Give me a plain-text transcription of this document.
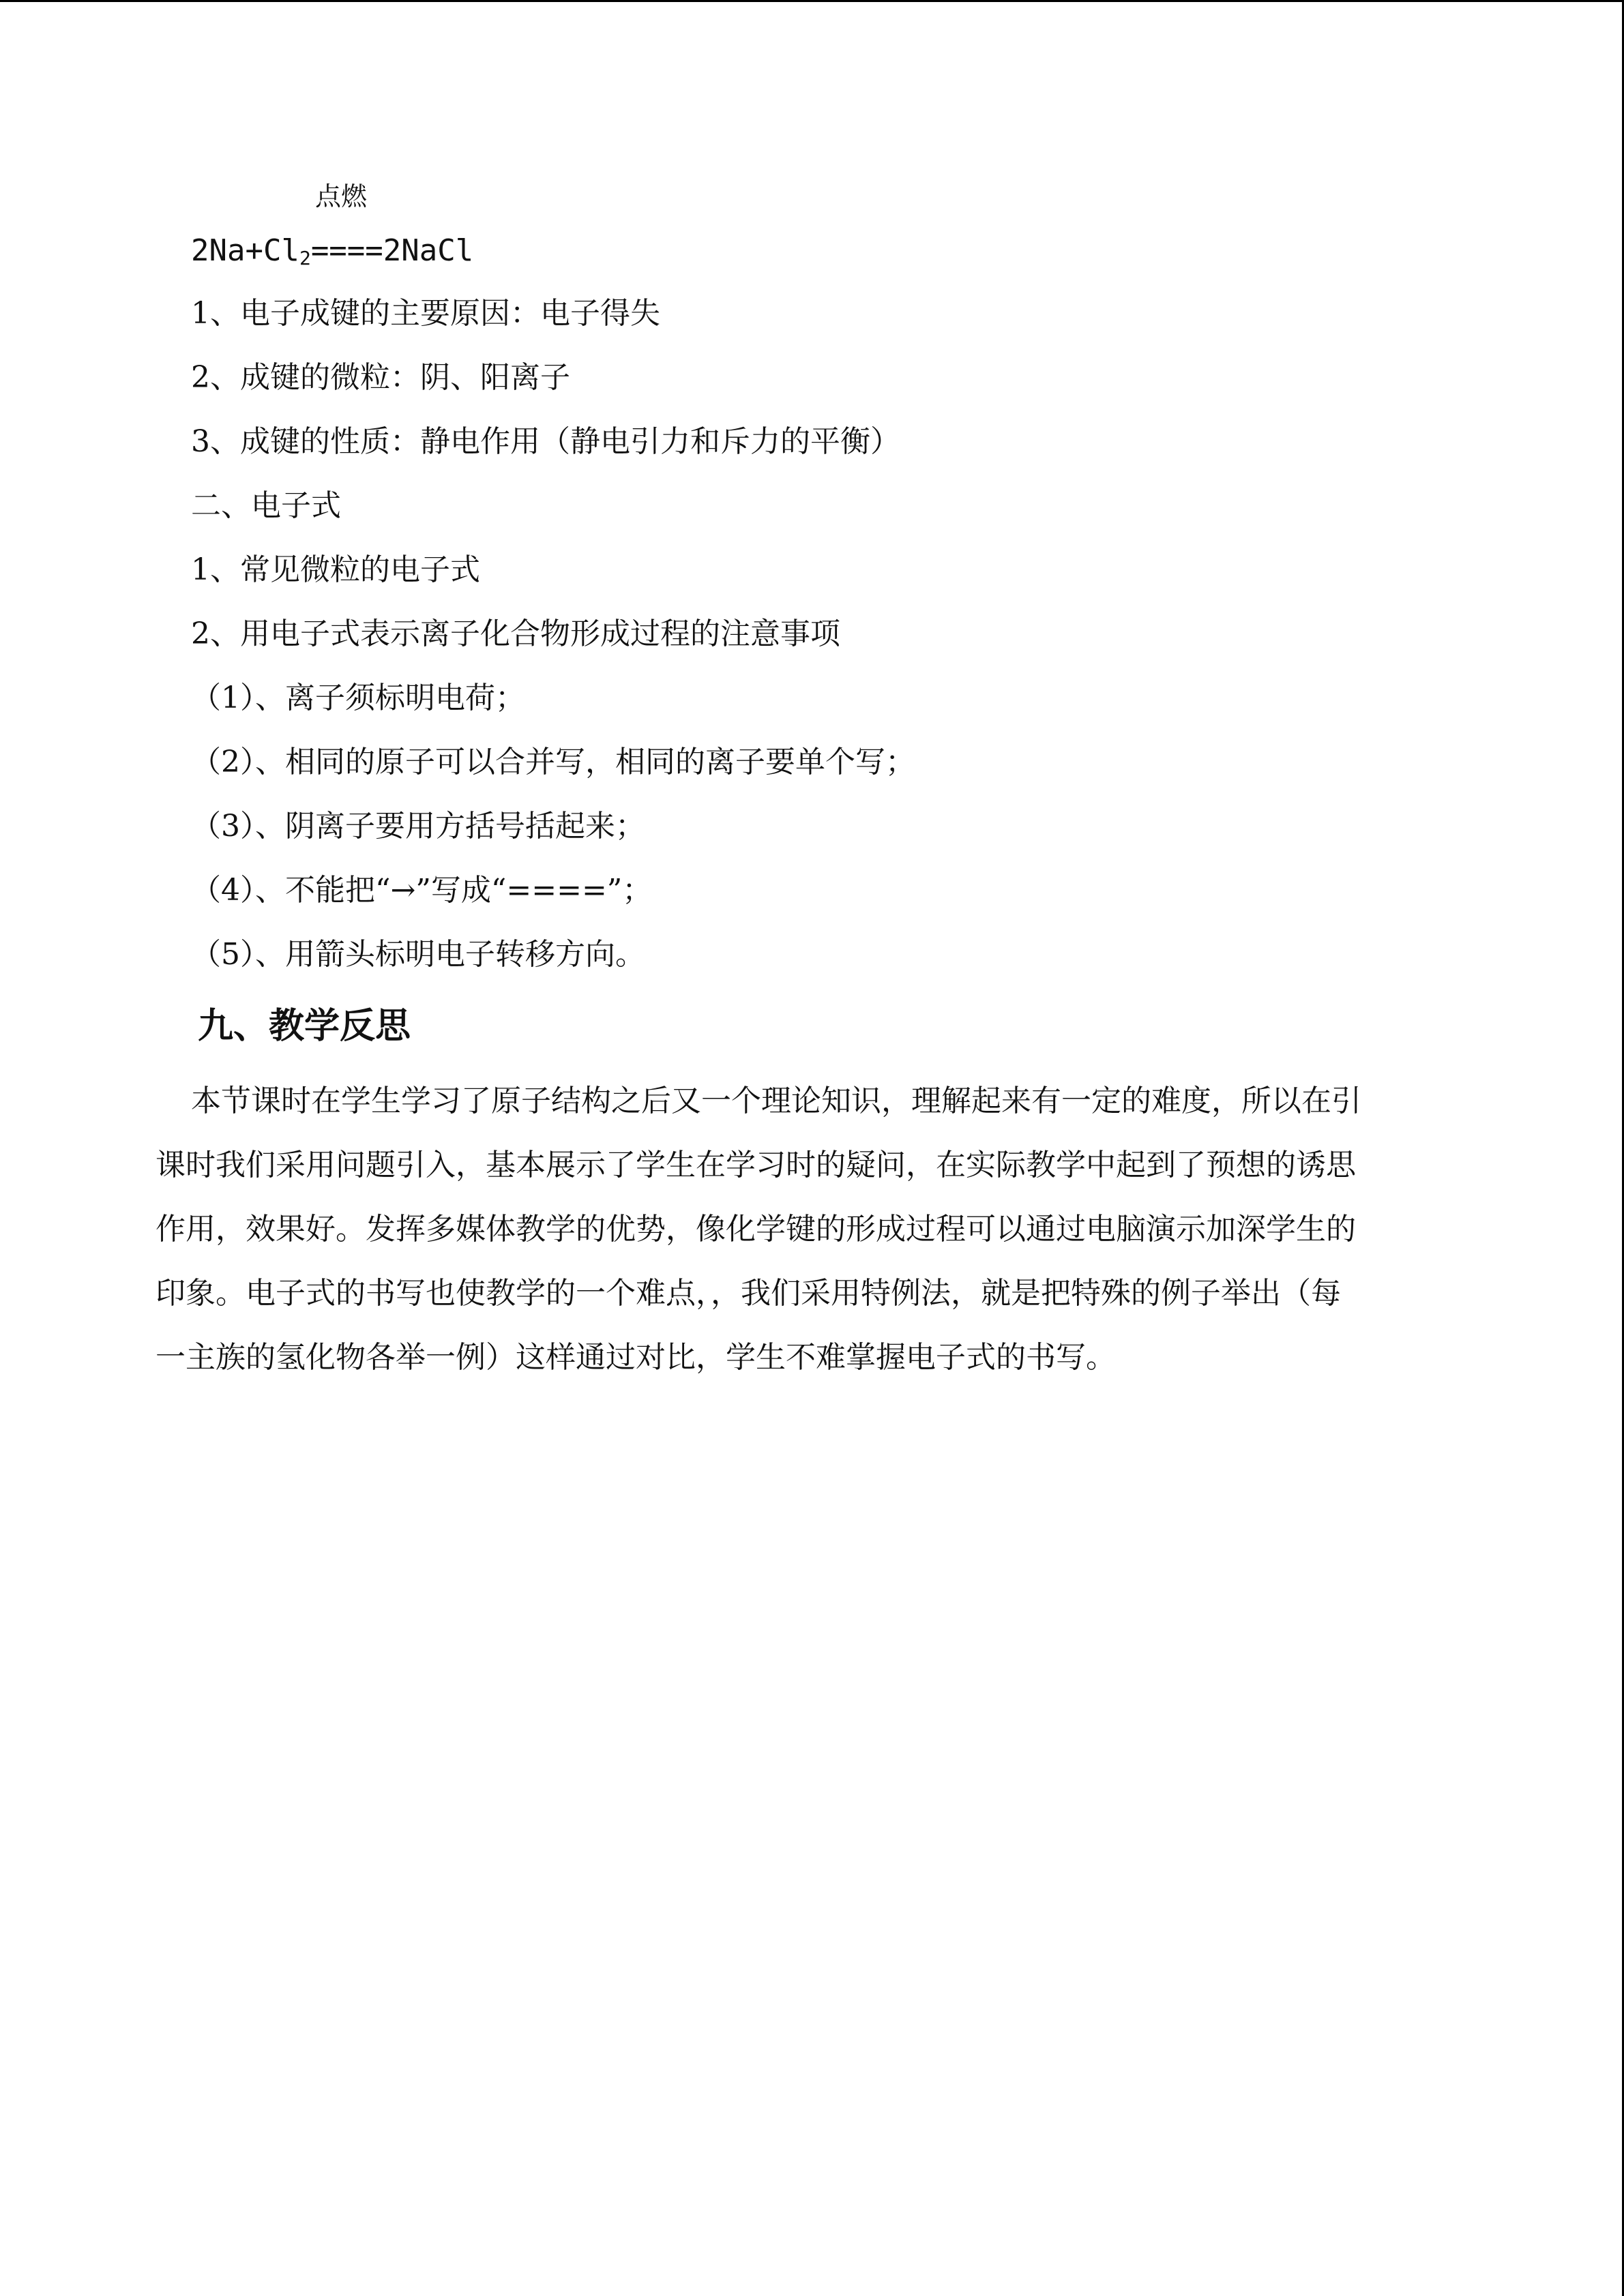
点燃
$2Na+Cl_2====2NaCl$
1、电子成键的主要原因：电子得失
2、成键的微粒：阴、阳离子
3、成键的性质：静电作用（静电引力和斥力的平衡）
二、电子式
1、常见微粒的电子式
2、用电子式表示离子化合物形成过程的注意事项
（1）、离子须标明电荷；
（2）、相同的原子可以合并写，相同的离子要单个写；
（3）、阴离子要用方括号括起来；
（4）、不能把“→”写成“====”；
（5）、用箭头标明电子转移方向。
九、教学反思
本节课时在学生学习了原子结构之后又一个理论知识，理解起来有一定的难度，所以在引
课时我们采用问题引入，基本展示了学生在学习时的疑问，在实际教学中起到了预想的诱思
作用，效果好。发挥多媒体教学的优势，像化学键的形成过程可以通过电脑演示加深学生的
印象。电子式的书写也使教学的一个难点，，我们采用特例法，就是把特殊的例子举出（每
一主族的氢化物各举一例）这样通过对比，学生不难掌握电子式的书写。
